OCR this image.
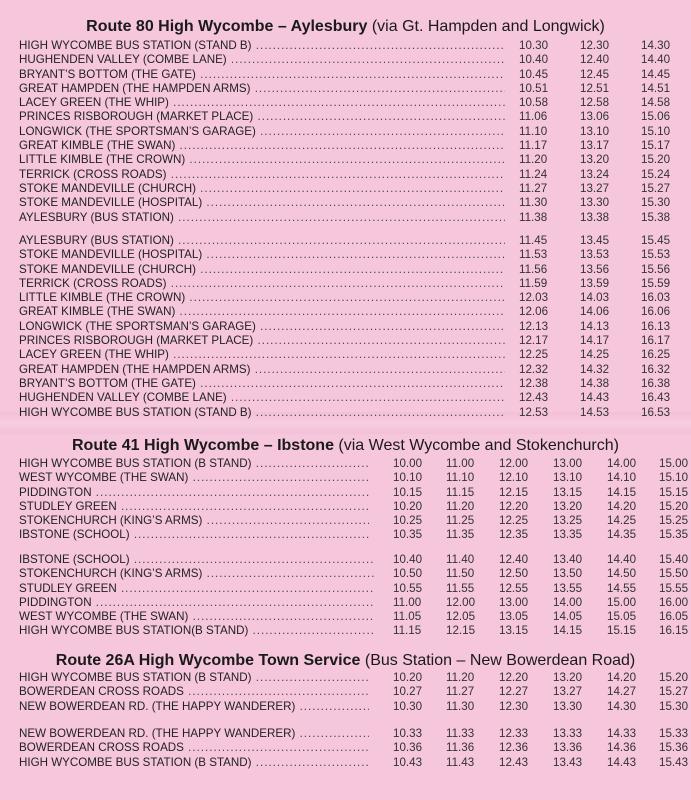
Route 80 High Wycombe – Aylesbury (via Gt. Hampden and Longwick)
HIGH WYCOMBE BUS STATION (STAND B) .....	10.30	12.30	14.30
HUGHENDEN VALLEY (COMBE LANE) .....	10.40	12.40	14.40
BRYANT’S BOTTOM (THE GATE) .....	10.45	12.45	14.45
GREAT HAMPDEN (THE HAMPDEN ARMS) .....	10.51	12.51	14.51
LACEY GREEN (THE WHIP) .....	10.58	12.58	14.58
PRINCES RISBOROUGH (MARKET PLACE) .....	11.06	13.06	15.06
LONGWICK (THE SPORTSMAN’S GARAGE) .....	11.10	13.10	15.10
GREAT KIMBLE (THE SWAN) .....	11.17	13.17	15.17
LITTLE KIMBLE (THE CROWN) .....	11.20	13.20	15.20
TERRICK (CROSS ROADS) .....	11.24	13.24	15.24
STOKE MANDEVILLE (CHURCH) .....	11.27	13.27	15.27
STOKE MANDEVILLE (HOSPITAL) .....	11.30	13.30	15.30
AYLESBURY (BUS STATION) .....	11.38	13.38	15.38
AYLESBURY (BUS STATION) .....	11.45	13.45	15.45
STOKE MANDEVILLE (HOSPITAL) .....	11.53	13.53	15.53
STOKE MANDEVILLE (CHURCH) .....	11.56	13.56	15.56
TERRICK (CROSS ROADS) .....	11.59	13.59	15.59
LITTLE KIMBLE (THE CROWN) .....	12.03	14.03	16.03
GREAT KIMBLE (THE SWAN) .....	12.06	14.06	16.06
LONGWICK (THE SPORTSMAN’S GARAGE) .....	12.13	14.13	16.13
PRINCES RISBOROUGH (MARKET PLACE) .....	12.17	14.17	16.17
LACEY GREEN (THE WHIP) .....	12.25	14.25	16.25
GREAT HAMPDEN (THE HAMPDEN ARMS) .....	12.32	14.32	16.32
BRYANT’S BOTTOM (THE GATE) .....	12.38	14.38	16.38
HUGHENDEN VALLEY (COMBE LANE) .....	12.43	14.43	16.43
HIGH WYCOMBE BUS STATION (STAND B) .....	12.53	14.53	16.53
Route 41 High Wycombe – Ibstone (via West Wycombe and Stokenchurch)
HIGH WYCOMBE BUS STATION (B STAND) .....	10.00 11.00 12.00 13.00 14.00 15.00
WEST WYCOMBE (THE SWAN) .....	10.10 11.10 12.10 13.10 14.10 15.10
PIDDINGTON .....	10.15 11.15 12.15 13.15 14.15 15.15
STUDLEY GREEN .....	10.20 11.20 12.20 13.20 14.20 15.20
STOKENCHURCH (KING’S ARMS) .....	10.25 11.25 12.25 13.25 14.25 15.25
IBSTONE (SCHOOL) .....	10.35 11.35 12.35 13.35 14.35 15.35
IBSTONE (SCHOOL) .....	10.40 11.40 12.40 13.40 14.40 15.40
STOKENCHURCH (KING’S ARMS) .....	10.50 11.50 12.50 13.50 14.50 15.50
STUDLEY GREEN .....	10.55 11.55 12.55 13.55 14.55 15.55
PIDDINGTON .....	11.00 12.00 13.00 14.00 15.00 16.00
WEST WYCOMBE (THE SWAN) .....	11.05 12.05 13.05 14.05 15.05 16.05
HIGH WYCOMBE BUS STATION(B STAND) .....	11.15 12.15 13.15 14.15 15.15 16.15
Route 26A High Wycombe Town Service (Bus Station – New Bowerdean Road)
HIGH WYCOMBE BUS STATION (B STAND) .....	10.20 11.20 12.20 13.20 14.20 15.20
BOWERDEAN CROSS ROADS .....	10.27 11.27 12.27 13.27 14.27 15.27
NEW BOWERDEAN RD. (THE HAPPY WANDERER) .....	10.30 11.30 12.30 13.30 14.30 15.30
NEW BOWERDEAN RD. (THE HAPPY WANDERER) .....	10.33 11.33 12.33 13.33 14.33 15.33
BOWERDEAN CROSS ROADS .....	10.36 11.36 12.36 13.36 14.36 15.36
HIGH WYCOMBE BUS STATION (B STAND) .....	10.43 11.43 12.43 13.43 14.43 15.43
